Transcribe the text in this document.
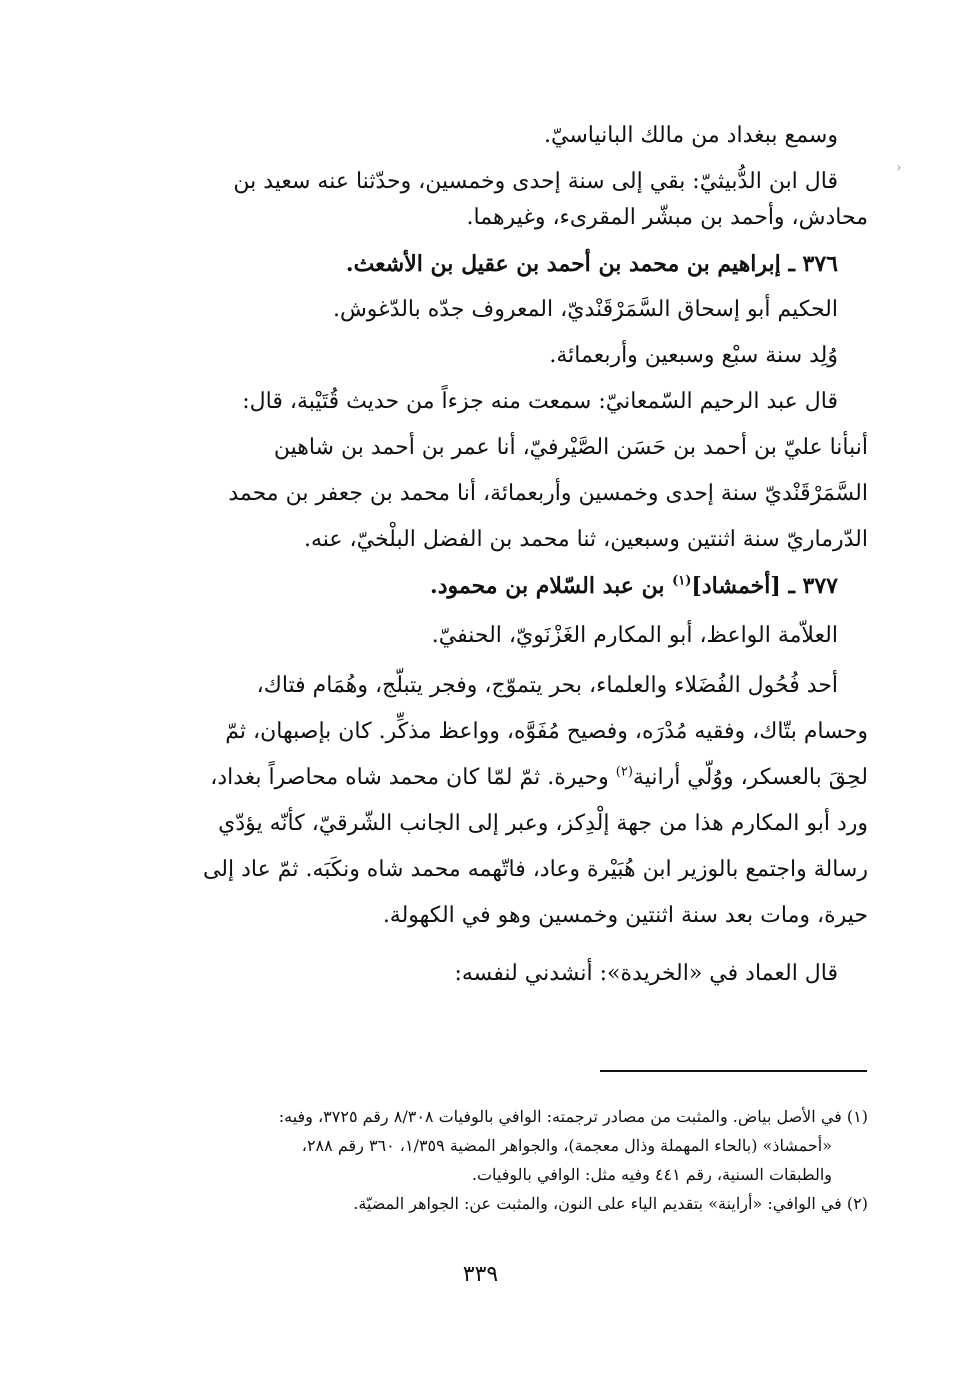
›

وسمع ببغداد من مالك البانياسيّ.

قال ابن الدُّبيثيّ: بقي إلى سنة إحدى وخمسين، وحدّثنا عنه سعيد بن

محادش، وأحمد بن مبشّر المقرىء، وغيرهما.

٣٧٦ ـ إبراهيم بن محمد بن أحمد بن عقيل بن الأشعث.

الحكيم أبو إسحاق السَّمَرْقَنْديّ، المعروف جدّه بالدّغوش.

وُلِد سنة سبْع وسبعين وأربعمائة.

قال عبد الرحيم السّمعانيّ: سمعت منه جزءاً من حديث قُتَيْبة، قال:

أنبأنا عليّ بن أحمد بن حَسَن الصَّيْرفيّ، أنا عمر بن أحمد بن شاهين

السَّمَرْقَنْديّ سنة إحدى وخمسين وأربعمائة، أنا محمد بن جعفر بن محمد

الدّرماريّ سنة اثنتين وسبعين، ثنا محمد بن الفضل البلْخيّ، عنه.

٣٧٧ ـ [أخمشاد]$^{(١)}$ بن عبد السّلام بن محمود.

العلاّمة الواعظ، أبو المكارم الغَزْنَويّ، الحنفيّ.

أحد فُحُول الفُضَلاء والعلماء، بحر يتموّج، وفجر يتبلّج، وهُمَام فتاك،

وحسام بتّاك، وفقيه مُدْرَه، وفصيح مُفَوَّه، وواعظ مذكِّر. كان بإصبهان، ثمّ

لحِقَ بالعسكر، ووُلّي أرانية$^{(٢)}$ وحيرة. ثمّ لمّا كان محمد شاه محاصراً بغداد،

ورد أبو المكارم هذا من جهة إلْدِكز، وعبر إلى الجانب الشّرقيّ، كأنّه يؤدّي

رسالة واجتمع بالوزير ابن هُبَيْرة وعاد، فاتّهمه محمد شاه ونكَبَه. ثمّ عاد إلى

حيرة، ومات بعد سنة اثنتين وخمسين وهو في الكهولة.

قال العماد في «الخريدة»: أنشدني لنفسه:

(١) في الأصل بياض. والمثبت من مصادر ترجمته: الوافي بالوفيات ٨/٣٠٨ رقم ٣٧٢٥، وفيه:

«أحمشاذ» (بالحاء المهملة وذال معجمة)، والجواهر المضية ١/٣٥٩، ٣٦٠ رقم ٢٨٨،

والطبقات السنية، رقم ٤٤١ وفيه مثل: الوافي بالوفيات.

(٢) في الوافي: «أراينة» بتقديم الياء على النون، والمثبت عن: الجواهر المضيّة.

٣٣٩
